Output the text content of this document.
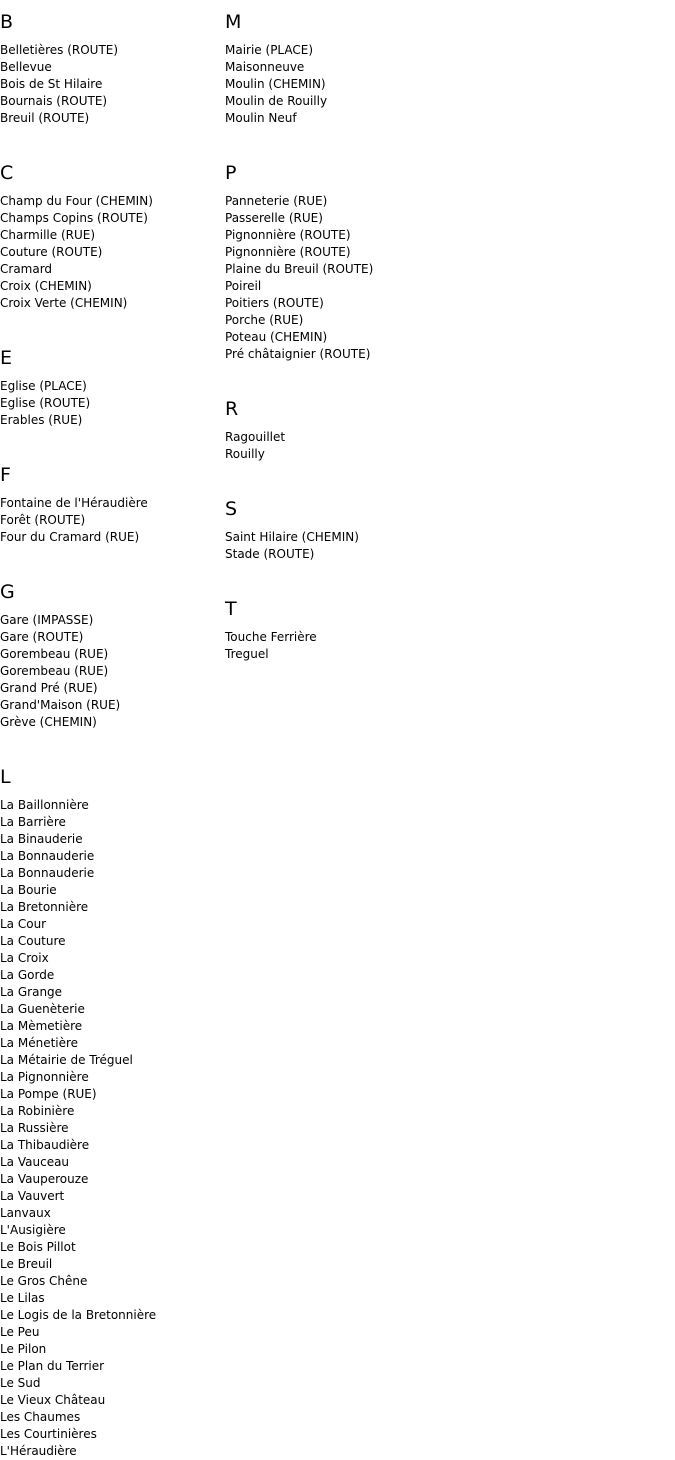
B
Belletières (ROUTE)
Bellevue
Bois de St Hilaire
Bournais (ROUTE)
Breuil (ROUTE)
C
Champ du Four (CHEMIN)
Champs Copins (ROUTE)
Charmille (RUE)
Couture (ROUTE)
Cramard
Croix (CHEMIN)
Croix Verte (CHEMIN)
E
Eglise (PLACE)
Eglise (ROUTE)
Erables (RUE)
F
Fontaine de l'Héraudière
Forêt (ROUTE)
Four du Cramard (RUE)
G
Gare (IMPASSE)
Gare (ROUTE)
Gorembeau (RUE)
Gorembeau (RUE)
Grand Pré (RUE)
Grand'Maison (RUE)
Grève (CHEMIN)
L
La Baillonnière
La Barrière
La Binauderie
La Bonnauderie
La Bonnauderie
La Bourie
La Bretonnière
La Cour
La Couture
La Croix
La Gorde
La Grange
La Guenèterie
La Mèmetière
La Ménetière
La Métairie de Tréguel
La Pignonnière
La Pompe (RUE)
La Robinière
La Russière
La Thibaudière
La Vauceau
La Vauperouze
La Vauvert
Lanvaux
L'Ausigière
Le Bois Pillot
Le Breuil
Le Gros Chêne
Le Lilas
Le Logis de la Bretonnière
Le Peu
Le Pilon
Le Plan du Terrier
Le Sud
Le Vieux Château
Les Chaumes
Les Courtinières
L'Héraudière
M
Mairie (PLACE)
Maisonneuve
Moulin (CHEMIN)
Moulin de Rouilly
Moulin Neuf
P
Panneterie (RUE)
Passerelle (RUE)
Pignonnière (ROUTE)
Pignonnière (ROUTE)
Plaine du Breuil (ROUTE)
Poireil
Poitiers (ROUTE)
Porche (RUE)
Poteau (CHEMIN)
Pré châtaignier (ROUTE)
R
Ragouillet
Rouilly
S
Saint Hilaire (CHEMIN)
Stade (ROUTE)
T
Touche Ferrière
Treguel
